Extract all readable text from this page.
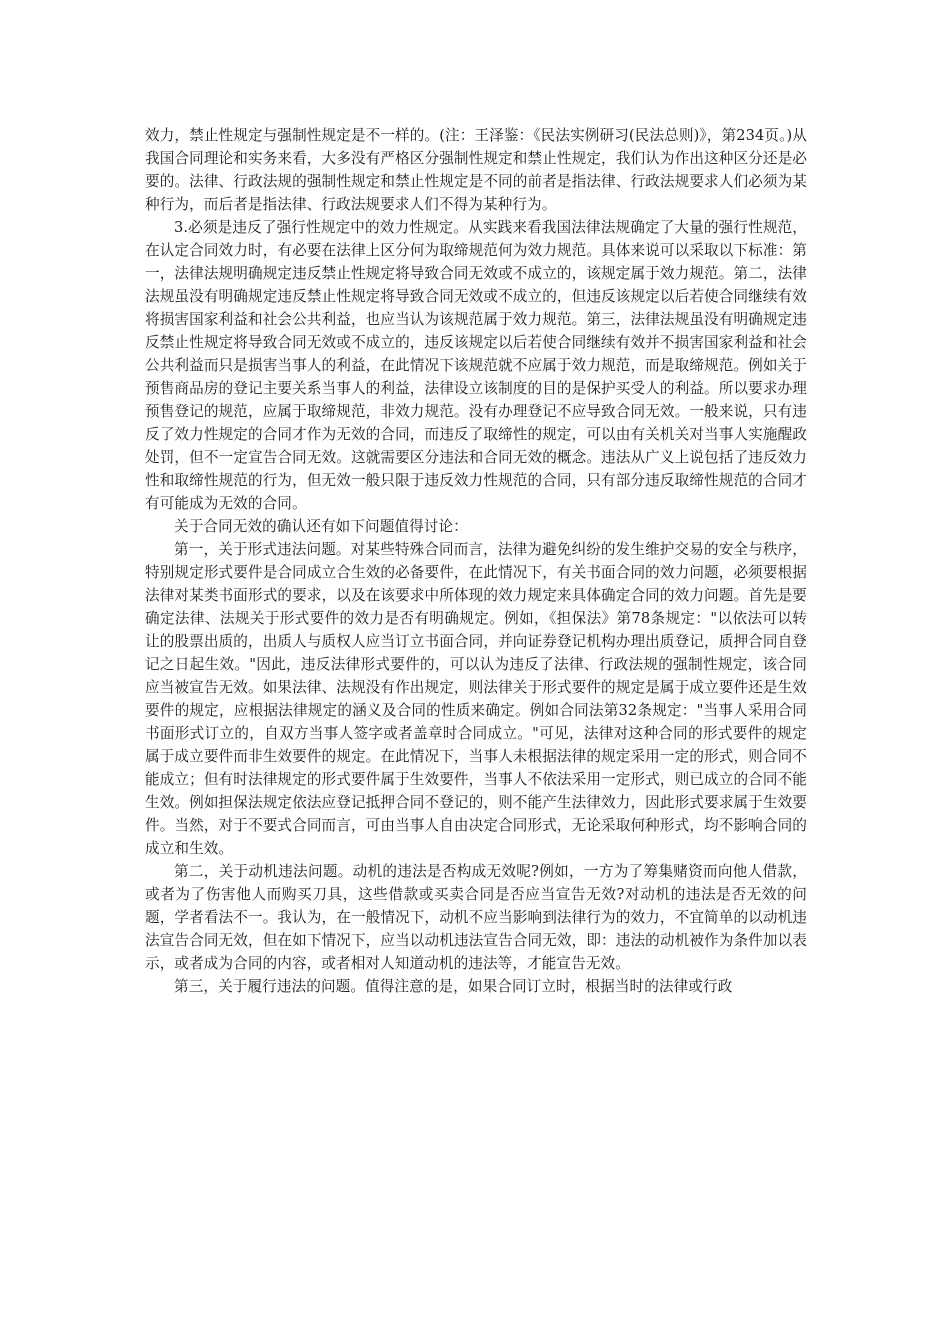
效力，禁止性规定与强制性规定是不一样的。(注：王泽鉴：《民法实例研习(民法总则)》，第234页。)从我国合同理论和实务来看，大多没有严格区分强制性规定和禁止性规定，我们认为作出这种区分还是必要的。法律、行政法规的强制性规定和禁止性规定是不同的前者是指法律、行政法规要求人们必须为某种行为，而后者是指法律、行政法规要求人们不得为某种行为。

3.必须是违反了强行性规定中的效力性规定。从实践来看我国法律法规确定了大量的强行性规范，在认定合同效力时，有必要在法律上区分何为取缔规范何为效力规范。具体来说可以采取以下标准：第一，法律法规明确规定违反禁止性规定将导致合同无效或不成立的，该规定属于效力规范。第二，法律法规虽没有明确规定违反禁止性规定将导致合同无效或不成立的，但违反该规定以后若使合同继续有效将损害国家利益和社会公共利益，也应当认为该规范属于效力规范。第三，法律法规虽没有明确规定违反禁止性规定将导致合同无效或不成立的，违反该规定以后若使合同继续有效并不损害国家利益和社会公共利益而只是损害当事人的利益，在此情况下该规范就不应属于效力规范，而是取缔规范。例如关于预售商品房的登记主要关系当事人的利益，法律设立该制度的目的是保护买受人的利益。所以要求办理预售登记的规范，应属于取缔规范，非效力规范。没有办理登记不应导致合同无效。一般来说，只有违反了效力性规定的合同才作为无效的合同，而违反了取缔性的规定，可以由有关机关对当事人实施醒政处罚，但不一定宣告合同无效。这就需要区分违法和合同无效的概念。违法从广义上说包括了违反效力性和取缔性规范的行为，但无效一般只限于违反效力性规范的合同，只有部分违反取缔性规范的合同才有可能成为无效的合同。

关于合同无效的确认还有如下问题值得讨论：

第一，关于形式违法问题。对某些特殊合同而言，法律为避免纠纷的发生维护交易的安全与秩序，特别规定形式要件是合同成立合生效的必备要件，在此情况下，有关书面合同的效力问题，必须要根据法律对某类书面形式的要求，以及在该要求中所体现的效力规定来具体确定合同的效力问题。首先是要确定法律、法规关于形式要件的效力是否有明确规定。例如，《担保法》第78条规定："以依法可以转让的股票出质的，出质人与质权人应当订立书面合同，并向证券登记机构办理出质登记，质押合同自登记之日起生效。"因此，违反法律形式要件的，可以认为违反了法律、行政法规的强制性规定，该合同应当被宣告无效。如果法律、法规没有作出规定，则法律关于形式要件的规定是属于成立要件还是生效要件的规定，应根据法律规定的涵义及合同的性质来确定。例如合同法第32条规定："当事人采用合同书面形式订立的，自双方当事人签字或者盖章时合同成立。"可见，法律对这种合同的形式要件的规定属于成立要件而非生效要件的规定。在此情况下，当事人未根据法律的规定采用一定的形式，则合同不能成立；但有时法律规定的形式要件属于生效要件，当事人不依法采用一定形式，则已成立的合同不能生效。例如担保法规定依法应登记抵押合同不登记的，则不能产生法律效力，因此形式要求属于生效要件。当然，对于不要式合同而言，可由当事人自由决定合同形式，无论采取何种形式，均不影响合同的成立和生效。

第二，关于动机违法问题。动机的违法是否构成无效呢?例如，一方为了筹集赌资而向他人借款，或者为了伤害他人而购买刀具，这些借款或买卖合同是否应当宣告无效?对动机的违法是否无效的问题，学者看法不一。我认为，在一般情况下，动机不应当影响到法律行为的效力，不宜简单的以动机违法宣告合同无效，但在如下情况下，应当以动机违法宣告合同无效，即：违法的动机被作为条件加以表示，或者成为合同的内容，或者相对人知道动机的违法等，才能宣告无效。

第三，关于履行违法的问题。值得注意的是，如果合同订立时，根据当时的法律或行政
